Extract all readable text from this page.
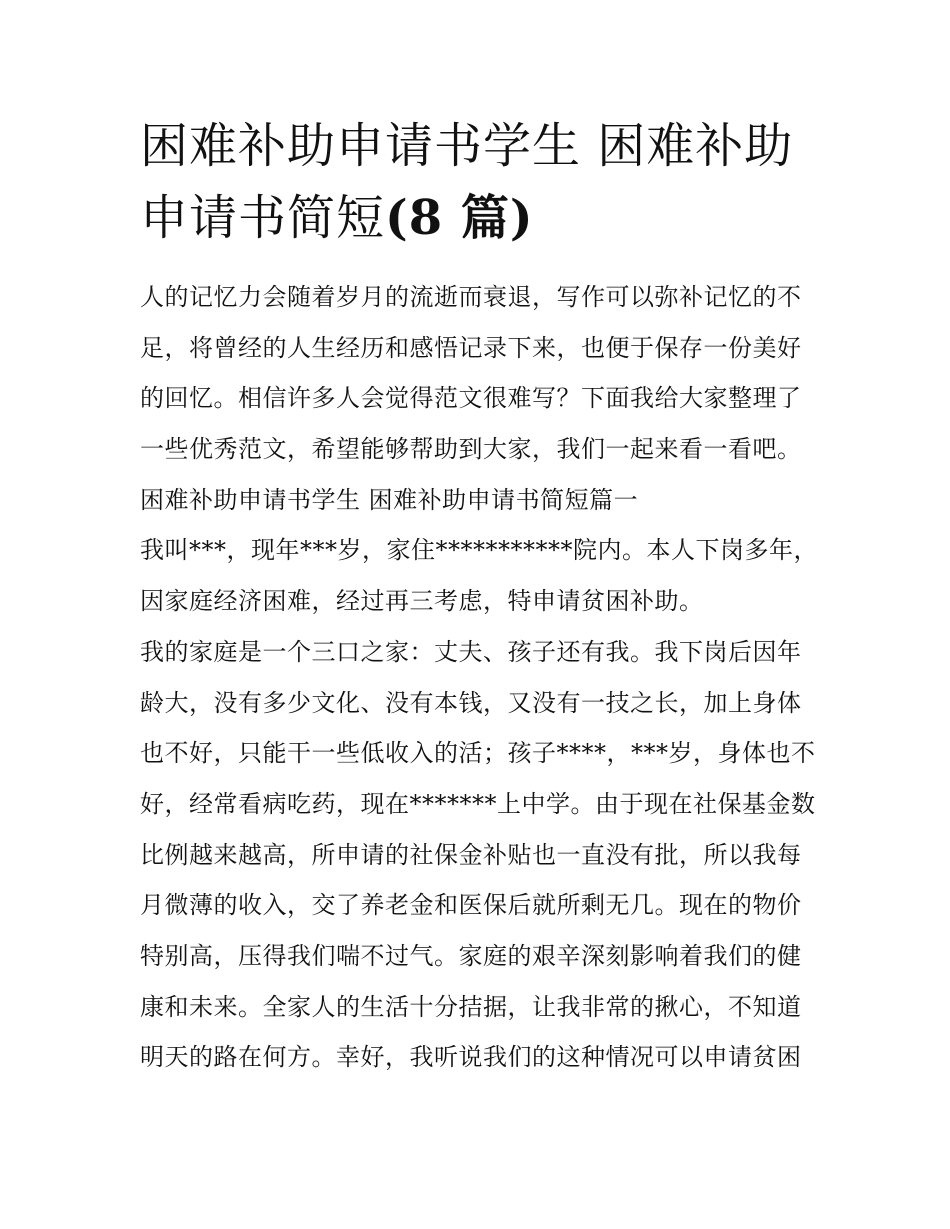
困难补助申请书学生 困难补助
申请书简短(8 篇)
人的记忆力会随着岁月的流逝而衰退，写作可以弥补记忆的不
足，将曾经的人生经历和感悟记录下来，也便于保存一份美好
的回忆。相信许多人会觉得范文很难写？下面我给大家整理了
一些优秀范文，希望能够帮助到大家，我们一起来看一看吧。
困难补助申请书学生 困难补助申请书简短篇一
我叫***，现年***岁，家住***********院内。本人下岗多年，
因家庭经济困难，经过再三考虑，特申请贫困补助。
我的家庭是一个三口之家：丈夫、孩子还有我。我下岗后因年
龄大，没有多少文化、没有本钱，又没有一技之长，加上身体
也不好，只能干一些低收入的活；孩子****，***岁，身体也不
好，经常看病吃药，现在*******上中学。由于现在社保基金数
比例越来越高，所申请的社保金补贴也一直没有批，所以我每
月微薄的收入，交了养老金和医保后就所剩无几。现在的物价
特别高，压得我们喘不过气。家庭的艰辛深刻影响着我们的健
康和未来。全家人的生活十分拮据，让我非常的揪心，不知道
明天的路在何方。幸好，我听说我们的这种情况可以申请贫困
